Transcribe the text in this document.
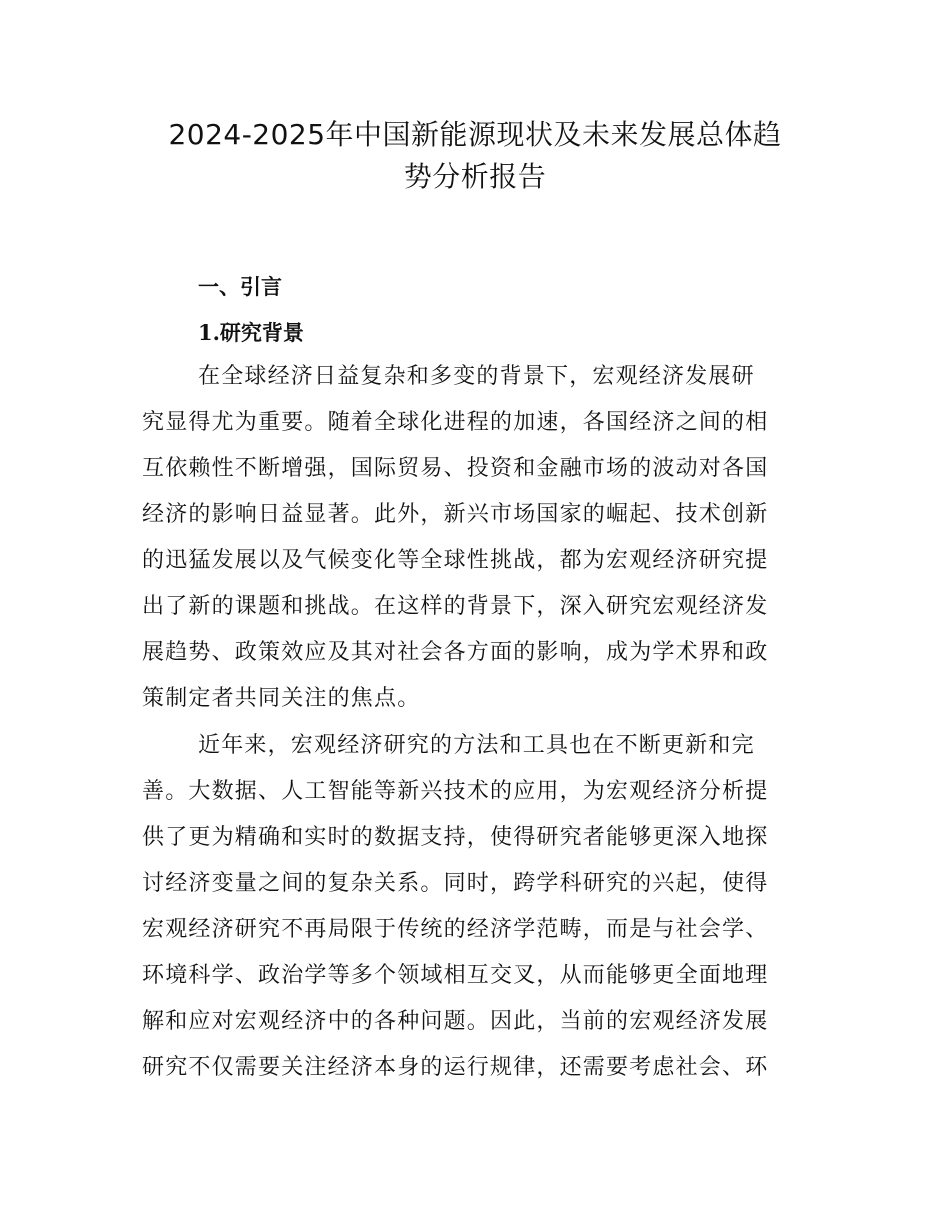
2024-2025年中国新能源现状及未来发展总体趋
势分析报告
一、引言
1.研究背景
在全球经济日益复杂和多变的背景下，宏观经济发展研
究显得尤为重要。随着全球化进程的加速，各国经济之间的相
互依赖性不断增强，国际贸易、投资和金融市场的波动对各国
经济的影响日益显著。此外，新兴市场国家的崛起、技术创新
的迅猛发展以及气候变化等全球性挑战，都为宏观经济研究提
出了新的课题和挑战。在这样的背景下，深入研究宏观经济发
展趋势、政策效应及其对社会各方面的影响，成为学术界和政
策制定者共同关注的焦点。
近年来，宏观经济研究的方法和工具也在不断更新和完
善。大数据、人工智能等新兴技术的应用，为宏观经济分析提
供了更为精确和实时的数据支持，使得研究者能够更深入地探
讨经济变量之间的复杂关系。同时，跨学科研究的兴起，使得
宏观经济研究不再局限于传统的经济学范畴，而是与社会学、
环境科学、政治学等多个领域相互交叉，从而能够更全面地理
解和应对宏观经济中的各种问题。因此，当前的宏观经济发展
研究不仅需要关注经济本身的运行规律，还需要考虑社会、环
